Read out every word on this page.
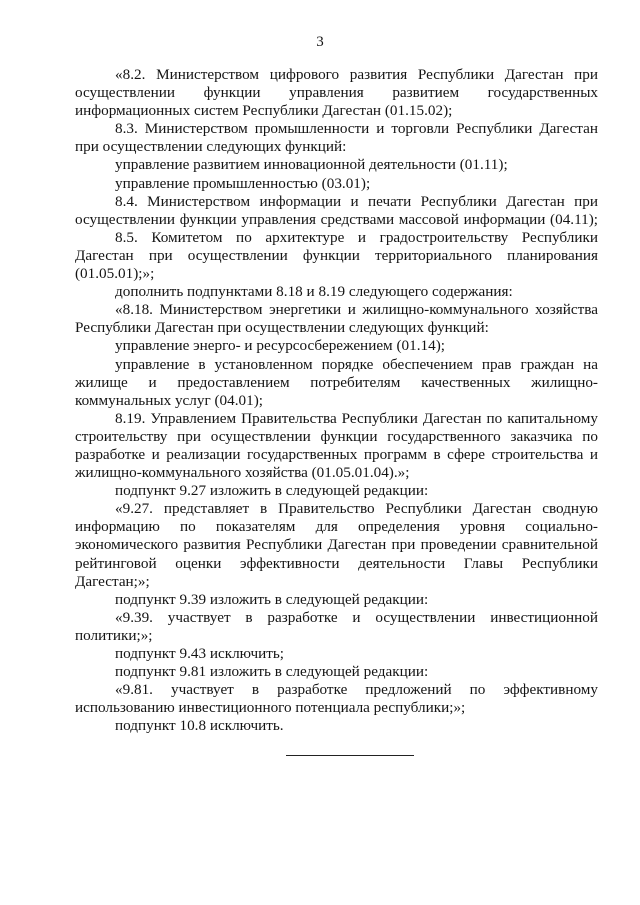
3
«8.2. Министерством цифрового развития Республики Дагестан при
осуществлении функции управления развитием государственных
информационных систем Республики Дагестан (01.15.02);
8.3. Министерством промышленности и торговли Республики Дагестан
при осуществлении следующих функций:
управление развитием инновационной деятельности (01.11);
управление промышленностью (03.01);
8.4. Министерством информации и печати Республики Дагестан при
осуществлении функции управления средствами массовой информации (04.11);
8.5. Комитетом по архитектуре и градостроительству Республики
Дагестан при осуществлении функции территориального планирования
(01.05.01);»;
дополнить подпунктами 8.18 и 8.19 следующего содержания:
«8.18. Министерством энергетики и жилищно-коммунального хозяйства
Республики Дагестан при осуществлении следующих функций:
управление энерго- и ресурсосбережением (01.14);
управление в установленном порядке обеспечением прав граждан на
жилище и предоставлением потребителям качественных жилищно-
коммунальных услуг (04.01);
8.19. Управлением Правительства Республики Дагестан по капитальному
строительству при осуществлении функции государственного заказчика по
разработке и реализации государственных программ в сфере строительства и
жилищно-коммунального хозяйства (01.05.01.04).»;
подпункт 9.27 изложить в следующей редакции:
«9.27. представляет в Правительство Республики Дагестан сводную
информацию по показателям для определения уровня социально-
экономического развития Республики Дагестан при проведении сравнительной
рейтинговой оценки эффективности деятельности Главы Республики
Дагестан;»;
подпункт 9.39 изложить в следующей редакции:
«9.39. участвует в разработке и осуществлении инвестиционной
политики;»;
подпункт 9.43 исключить;
подпункт 9.81 изложить в следующей редакции:
«9.81. участвует в разработке предложений по эффективному
использованию инвестиционного потенциала республики;»;
подпункт 10.8 исключить.
